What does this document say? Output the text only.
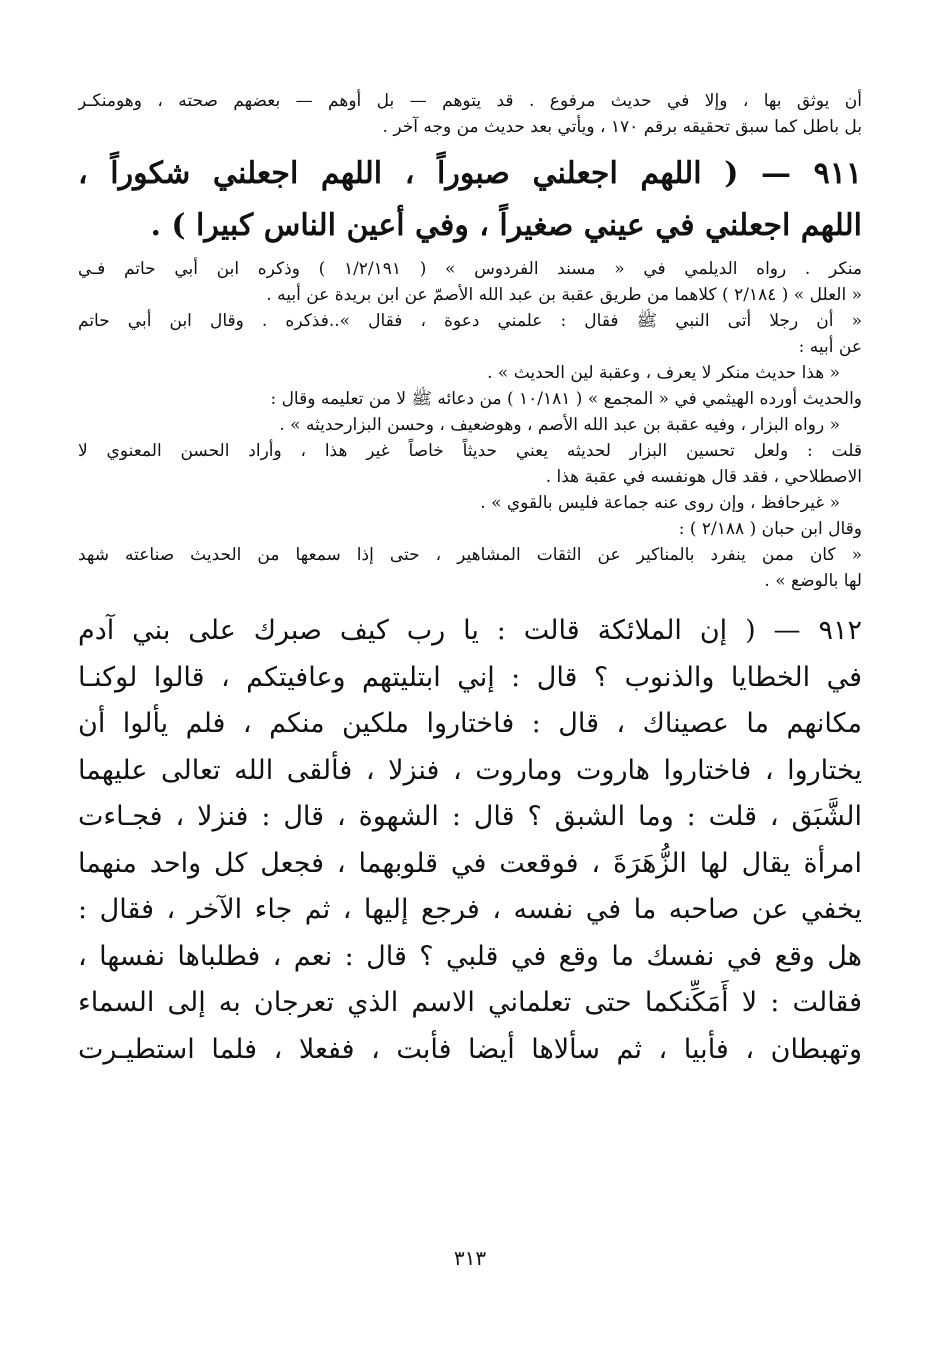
أن يوثق بها ، وإلا في حديث مرفوع . قد يتوهم — بل أوهم — بعضهم صحته ، وهومنكـر
بل باطل كما سبق تحقيقه برقم ١٧٠ ، ويأتي بعد حديث من وجه آخر .
٩١١ — ( اللهم اجعلني صبوراً ، اللهم اجعلني شكوراً ،
اللهم اجعلني في عيني صغيراً ، وفي أعين الناس كبيرا ) .
منكر . رواه الديلمي في « مسند الفردوس » ( ١/٢/١٩١ ) وذكره ابن أبي حاتم فـي
« العلل » ( ٢/١٨٤ ) كلاهما من طريق عقبة بن عبد الله الأصمّ عن ابن بريدة عن أبيه .
« أن رجلا أتى النبي ﷺ فقال : علمني دعوة ، فقال »..فذكره . وقال ابن أبي حاتم
عن أبيه :
« هذا حديث منكر لا يعرف ، وعقبة لين الحديث » .
والحديث أورده الهيثمي في « المجمع » ( ١٠/١٨١ ) من دعائه ﷺ لا من تعليمه وقال :
« رواه البزار ، وفيه عقبة بن عبد الله الأصم ، وهوضعيف ، وحسن البزارحديثه » .
قلت : ولعل تحسين البزار لحديثه يعني حديثاً خاصاً غير هذا ، وأراد الحسن المعنوي لا
الاصطلاحي ، فقد قال هونفسه في عقبة هذا .
« غيرحافظ ، وإن روى عنه جماعة فليس بالقوي » .
وقال ابن حبان ( ٢/١٨٨ ) :
« كان ممن ينفرد بالمناكير عن الثقات المشاهير ، حتى إذا سمعها من الحديث صناعته شهد
لها بالوضع » .
٩١٢ — ( إن الملائكة قالت : يا رب كيف صبرك على بني آدم
في الخطايا والذنوب ؟ قال : إني ابتليتهم وعافيتكم ، قالوا لوكنـا
مكانهم ما عصيناك ، قال : فاختاروا ملكين منكم ، فلم يألوا أن
يختاروا ، فاختاروا هاروت وماروت ، فنزلا ، فألقى الله تعالى عليهما
الشَّبَق ، قلت : وما الشبق ؟ قال : الشهوة ، قال : فنزلا ، فجـاءت
امرأة يقال لها الزُّهَرَةَ ، فوقعت في قلوبهما ، فجعل كل واحد منهما
يخفي عن صاحبه ما في نفسه ، فرجع إليها ، ثم جاء الآخر ، فقال :
هل وقع في نفسك ما وقع في قلبي ؟ قال : نعم ، فطلباها نفسها ،
فقالت : لا أَمَكِّنكما حتى تعلماني الاسم الذي تعرجان به إلى السماء
وتهبطان ، فأبيا ، ثم سألاها أيضا فأبت ، ففعلا ، فلما استطيـرت
٣١٣
